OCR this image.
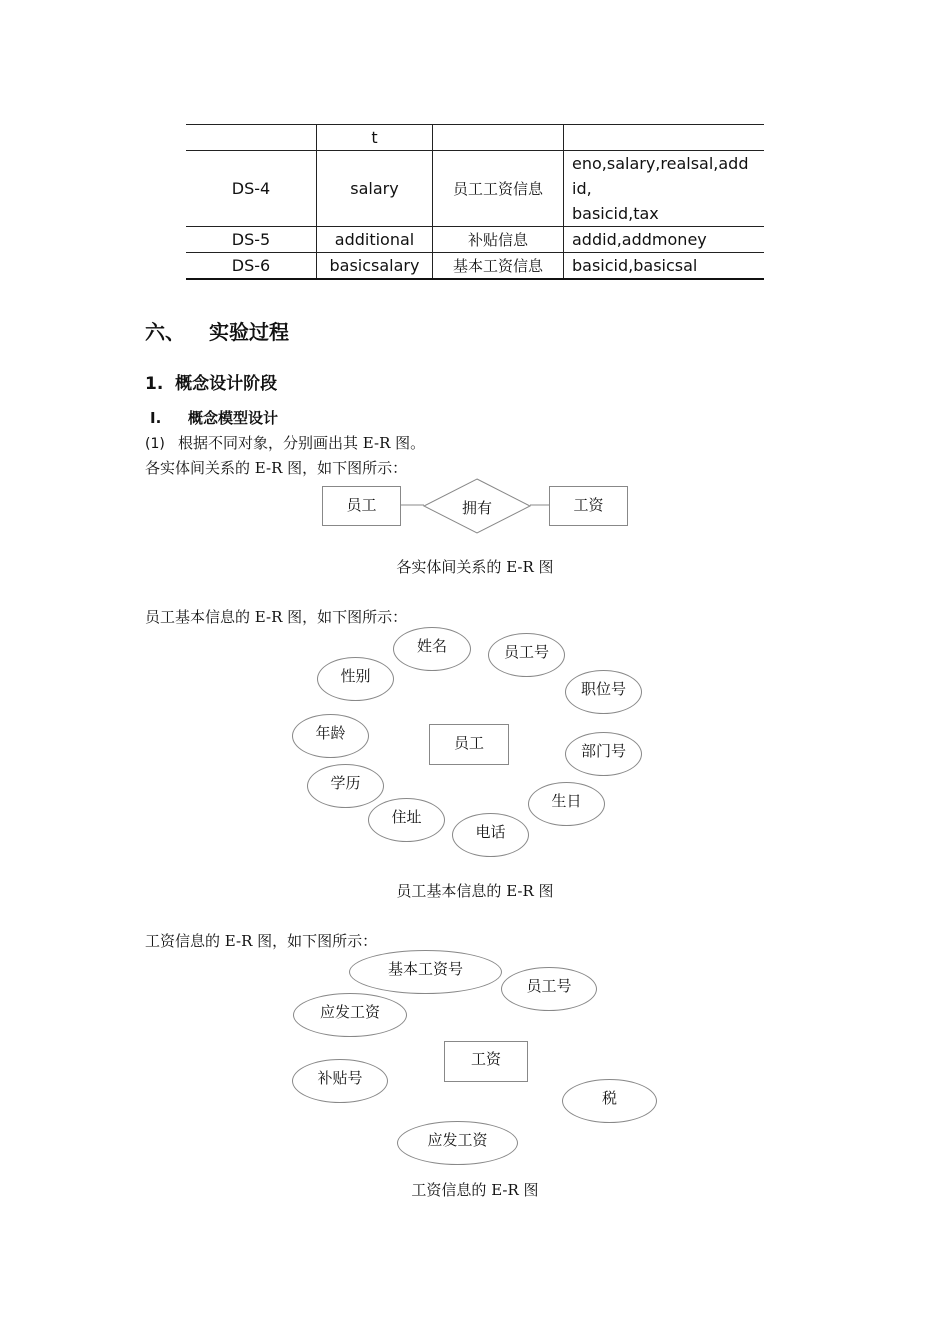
	t		
DS-4	salary	员工工资信息	eno,salary,realsal,add
id,
basicid,tax
DS-5	additional	补贴信息	addid,addmoney
DS-6	basicsalary	基本工资信息	basicid,basicsal
六、 实验过程
1. 概念设计阶段
I. 概念模型设计
(1) 根据不同对象，分别画出其 E-R 图。
各实体间关系的 E-R 图，如下图所示：
员工	拥有	工资
各实体间关系的 E-R 图
员工基本信息的 E-R 图，如下图所示：
员工
姓名	员工号
性别
职位号
年龄
部门号
学历
生日
住址
电话
员工基本信息的 E-R 图
工资信息的 E-R 图，如下图所示：
工资
基本工资号
员工号
应发工资
补贴号
税
应发工资
工资信息的 E-R 图
